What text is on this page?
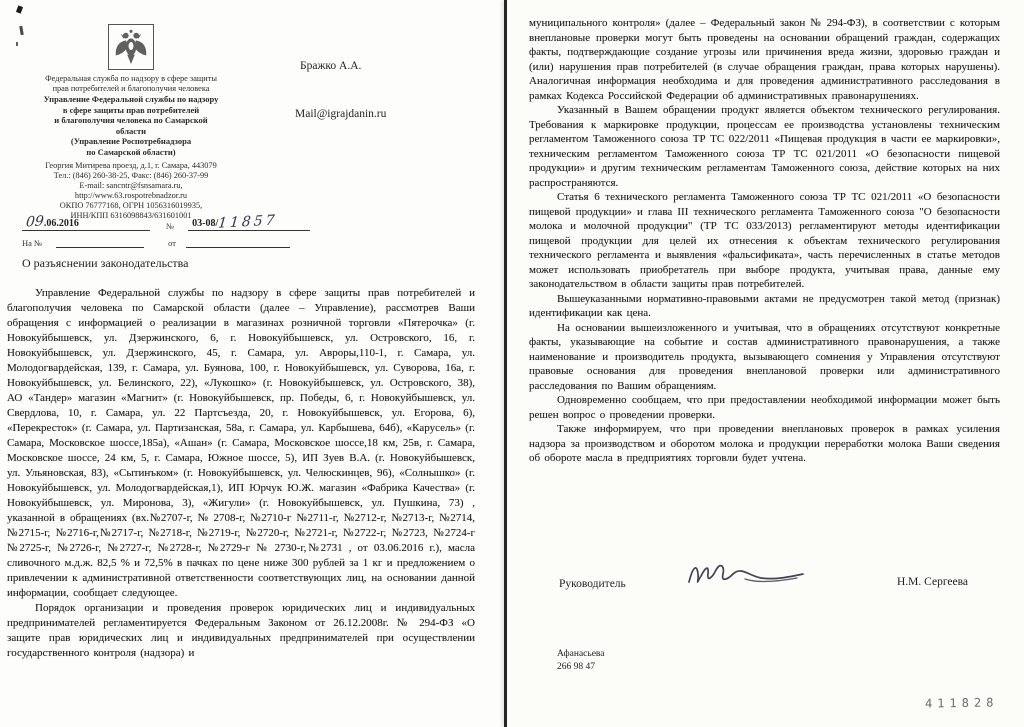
Федеральная служба по надзору в сфере защиты
прав потребителей и благополучия человека
Управление Федеральной службы по надзору
в сфере защиты прав потребителей
и благополучия человека по Самарской
области
(Управление Роспотребнадзора
по Самарской области)
Георгия Митирева проезд, д.1, г. Самара, 443079
Тел.: (846) 260-38-25, Факс: (846) 260-37-99
E-mail: sancntr@fsnsamara.ru,
http://www.63.rospotrebnadzor.ru
ОКПО 76777168, ОГРН 1056316019935,
ИНН/КПП 6316098843/631601001
Бражко А.А.
Mail@igrajdanin.ru
09.06.2016	№ 03-08/11857
На №	от
О разъяснении законодательства

Управление Федеральной службы по надзору в сфере защиты прав потребителей и благополучия человека по Самарской области (далее – Управление), рассмотрев Ваши обращения с информацией о реализации в магазинах розничной торговли «Пятерочка» (г. Новокуйбышевск, ул. Дзержинского, 6, г. Новокуйбышевск, ул. Островского, 16, г. Новокуйбышевск, ул. Дзержинского, 45, г. Самара, ул. Авроры,110-1, г. Самара, ул. Молодогвардейская, 139, г. Самара, ул. Буянова, 100, г. Новокуйбышевск, ул. Суворова, 16а, г. Новокуйбышевск, ул. Белинского, 22), «Лукошко» (г. Новокуйбышевск, ул. Островского, 38), АО «Тандер» магазин «Магнит» (г. Новокуйбышевск, пр. Победы, 6, г. Новокуйбышевск, ул. Свердлова, 10, г. Самара, ул. 22 Партсъезда, 20, г. Новокуйбышевск, ул. Егорова, 6), «Перекресток» (г. Самара, ул. Партизанская, 58а, г. Самара, ул. Карбышева, 64б), «Карусель» (г. Самара, Московское шоссе,185а), «Ашан» (г. Самара, Московское шоссе,18 км, 25в, г. Самара, Московское шоссе, 24 км, 5, г. Самара, Южное шоссе, 5), ИП Зуев В.А. (г. Новокуйбышевск, ул. Ульяновская, 83), «Сытинъком» (г. Новокуйбышевск, ул. Челюскинцев, 96), «Солнышко» (г. Новокуйбышевск, ул. Молодогвардейская,1), ИП Юрчук Ю.Ж. магазин «Фабрика Качества» (г. Новокуйбышевск, ул. Миронова, 3), «Жигули» (г. Новокуйбышевск, ул. Пушкина, 73) , указанной в обращениях (вх.№2707-г, № 2708-г, №2710-г №2711-г, №2712-г, №2713-г, №2714, №2715-г, №2716-г,№2717-г, №2718-г, №2719-г, №2720-г, №2721-г, №2722-г, №2723, №2724-г №2725-г, №2726-г, №2727-г, №2728-г, №2729-г № 2730-г,№2731 , от 03.06.2016 г.), масла сливочного м.д.ж. 82,5 % и 72,5% в пачках по цене ниже 300 рублей за 1 кг и предложением о привлечении к административной ответственности соответствующих лиц, на основании данной информации, сообщает следующее.

Порядок организации и проведения проверок юридических лиц и индивидуальных предпринимателей регламентируется Федеральным Законом от 26.12.2008г. № 294-ФЗ «О защите прав юридических лиц и индивидуальных предпринимателей при осуществлении государственного контроля (надзора) и

муниципального контроля» (далее – Федеральный закон № 294-ФЗ), в соответствии с которым внеплановые проверки могут быть проведены на основании обращений граждан, содержащих факты, подтверждающие создание угрозы или причинения вреда жизни, здоровью граждан и (или) нарушения прав потребителей (в случае обращения граждан, права которых нарушены). Аналогичная информация необходима и для проведения административного расследования в рамках Кодекса Российской Федерации об административных правонарушениях.

Указанный в Вашем обращении продукт является объектом технического регулирования. Требования к маркировке продукции, процессам ее производства установлены техническим регламентом Таможенного союза ТР ТС 022/2011 «Пищевая продукция в части ее маркировки», техническим регламентом Таможенного союза ТР ТС 021/2011 «О безопасности пищевой продукции» и другим техническим регламентам Таможенного союза, действие которых на них распространяются.

Статья 6 технического регламента Таможенного союза ТР ТС 021/2011 «О безопасности пищевой продукции» и глава III технического регламента Таможенного союза "О безопасности молока и молочной продукции" (ТР ТС 033/2013) регламентируют методы идентификации пищевой продукции для целей их отнесения к объектам технического регулирования технического регламента и выявления «фальсификата», часть перечисленных в статье методов может использовать приобретатель при выборе продукта, учитывая права, данные ему законодательством в области защиты прав потребителей.

Вышеуказанными нормативно-правовыми актами не предусмотрен такой метод (признак) идентификации как цена.

На основании вышеизложенного и учитывая, что в обращениях отсутствуют конкретные факты, указывающие на событие и состав административного правонарушения, а также наименование и производитель продукта, вызывающего сомнения у Управления отсутствуют правовые основания для проведения внеплановой проверки или административного расследования по Вашим обращениям.

Одновременно сообщаем, что при предоставлении необходимой информации может быть решен вопрос о проведении проверки.

Также информируем, что при проведении внеплановых проверок в рамках усиления надзора за производством и оборотом молока и продукции переработки молока Ваши сведения об обороте масла в предприятиях торговли будет учтена.

Руководитель	Н.М. Сергеева
Афанасьева
266 98 47
411828
